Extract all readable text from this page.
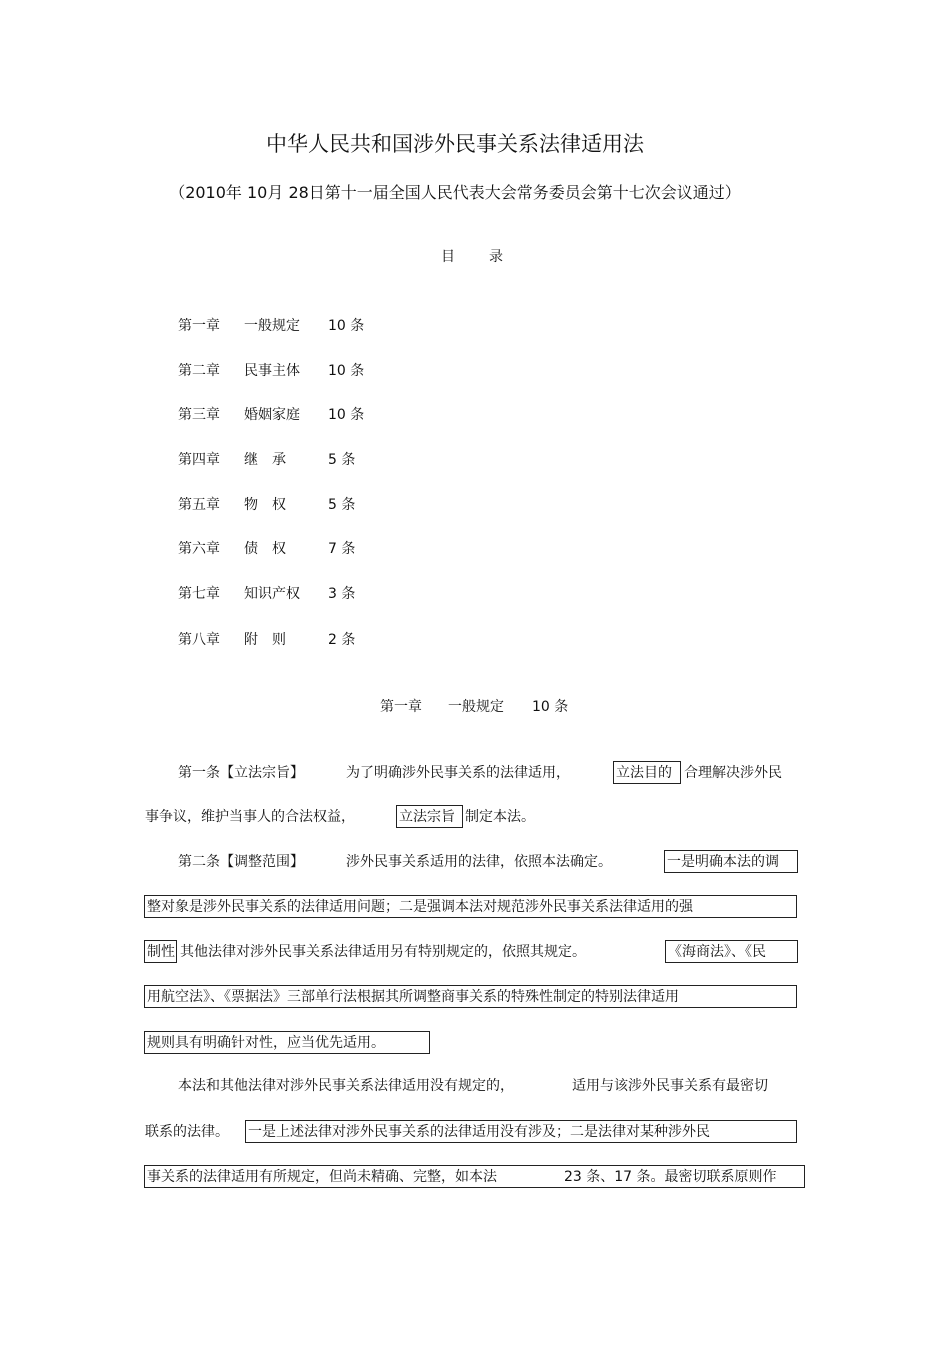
中华人民共和国涉外民事关系法律适用法
（2010年 10月 28日第十一届全国人民代表大会常务委员会第十七次会议通过）
目录
第一章 一般规定	10 条
第二章 民事主体	10 条
第三章 婚姻家庭	10 条
第四章 继　承	5 条
第五章 物　权	5 条
第六章 债　权	7 条
第七章 知识产权	3 条
第八章 附　则	2 条
第一章 一般规定 10 条
第一条【立法宗旨】	为了明确涉外民事关系的法律适用，	立法目的 合理解决涉外民
事争议，维护当事人的合法权益，	立法宗旨 制定本法。
第二条【调整范围】	涉外民事关系适用的法律，依照本法确定。	一是明确本法的调
整对象是涉外民事关系的法律适用问题；二是强调本法对规范涉外民事关系法律适用的强
制性 其他法律对涉外民事关系法律适用另有特别规定的，依照其规定。	《海商法》、《民
用航空法》、《票据法》三部单行法根据其所调整商事关系的特殊性制定的特别法律适用
规则具有明确针对性，应当优先适用。
本法和其他法律对涉外民事关系法律适用没有规定的，	适用与该涉外民事关系有最密切
联系的法律。 一是上述法律对涉外民事关系的法律适用没有涉及；二是法律对某种涉外民
事关系的法律适用有所规定，但尚未精确、完整，如本法	23 条、17 条。最密切联系原则作
